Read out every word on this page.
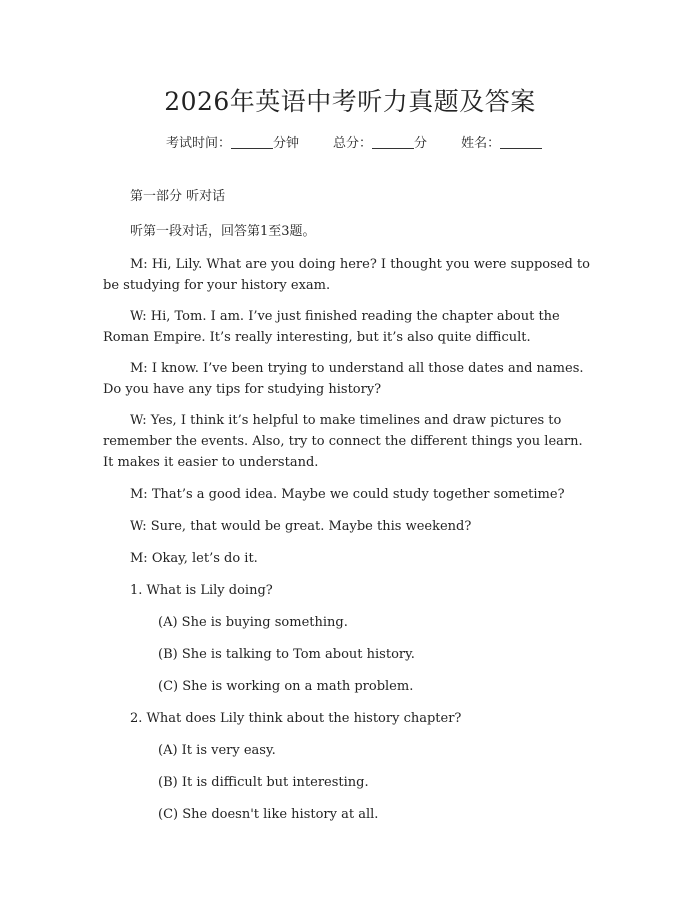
2026年英语中考听力真题及答案
考试时间：	分钟	总分：	分	姓名：

第一部分 听对话

听第一段对话，回答第1至3题。

M: Hi, Lily. What are you doing here? I thought you were supposed to
be studying for your history exam.
W: Hi, Tom. I am. I’ve just finished reading the chapter about the
Roman Empire. It’s really interesting, but it’s also quite difficult.
M: I know. I’ve been trying to understand all those dates and names.
Do you have any tips for studying history?
W: Yes, I think it’s helpful to make timelines and draw pictures to
remember the events. Also, try to connect the different things you learn.
It makes it easier to understand.
M: That’s a good idea. Maybe we could study together sometime?
W: Sure, that would be great. Maybe this weekend?
M: Okay, let’s do it.

1. What is Lily doing?

(A) She is buying something.

(B) She is talking to Tom about history.

(C) She is working on a math problem.

2. What does Lily think about the history chapter?

(A) It is very easy.

(B) It is difficult but interesting.

(C) She doesn't like history at all.
